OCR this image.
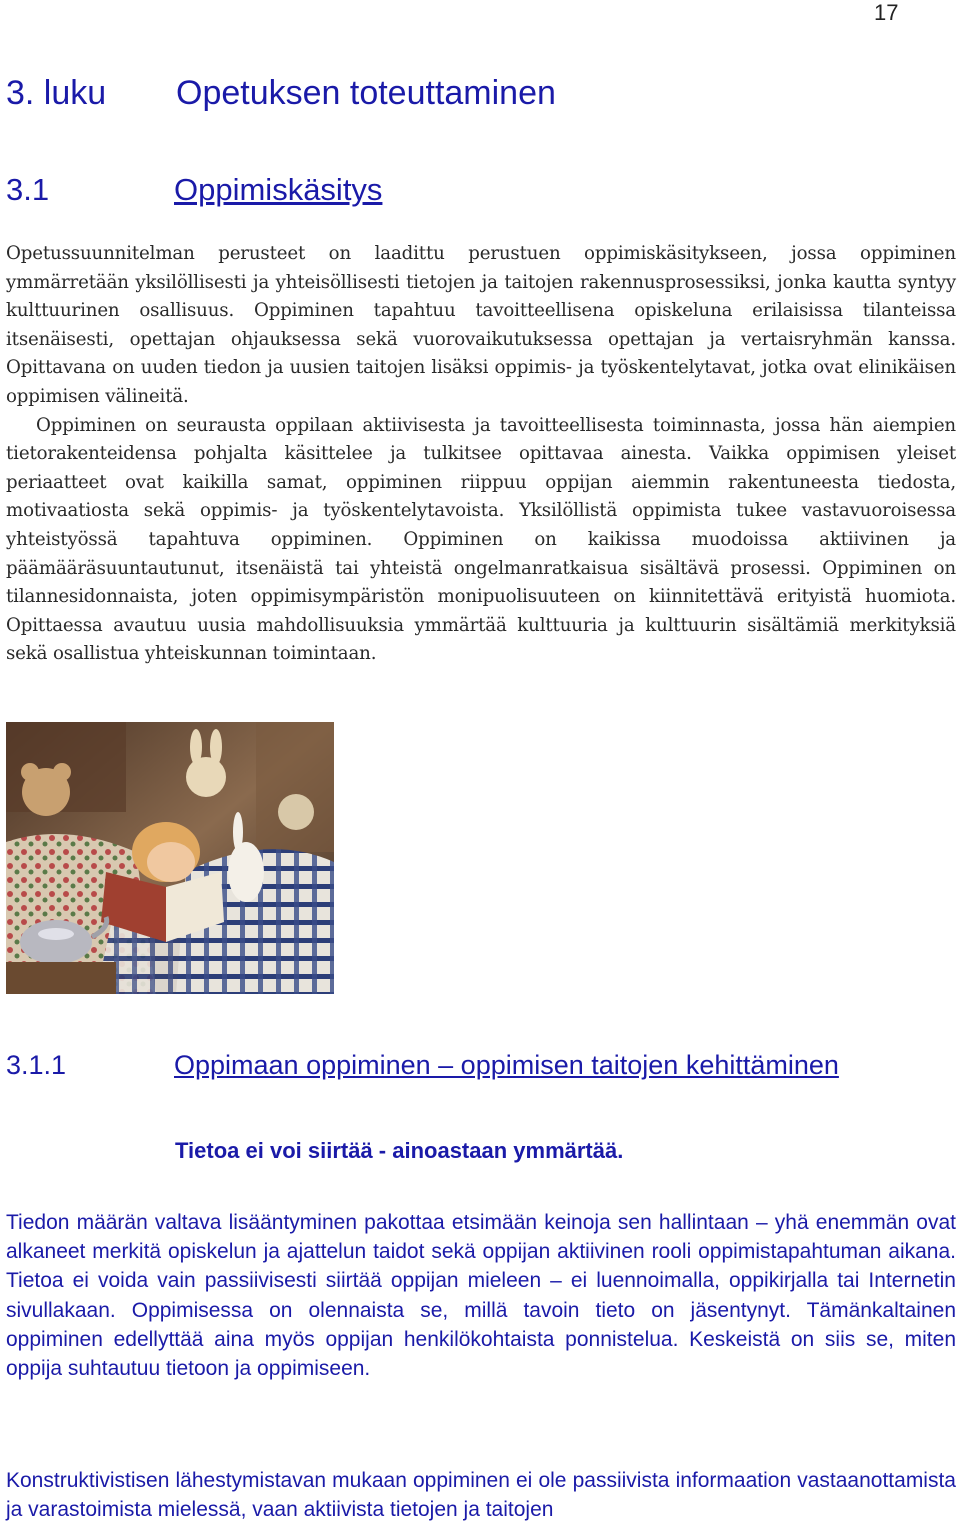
17
3. luku Opetuksen toteuttaminen
3.1	Oppimiskäsitys

Opetussuunnitelman perusteet on laadittu perustuen oppimiskäsitykseen, jossa oppiminen ymmärretään yksilöllisesti ja yhteisöllisesti tietojen ja taitojen rakennusprosessiksi, jonka kautta syntyy kulttuurinen osallisuus. Oppiminen tapahtuu tavoitteellisena opiskeluna erilaisissa tilanteissa itsenäisesti, opettajan ohjauksessa sekä vuorovaikutuksessa opettajan ja vertaisryhmän kanssa. Opittavana on uuden tiedon ja uusien taitojen lisäksi oppimis- ja työskentelytavat, jotka ovat elinikäisen oppimisen välineitä.

Oppiminen on seurausta oppilaan aktiivisesta ja tavoitteellisesta toiminnasta, jossa hän aiempien tietorakenteidensa pohjalta käsittelee ja tulkitsee opittavaa ainesta. Vaikka oppimisen yleiset periaatteet ovat kaikilla samat, oppiminen riippuu oppijan aiemmin rakentuneesta tiedosta, motivaatiosta sekä oppimis- ja työskentelytavoista. Yksilöllistä oppimista tukee vastavuoroisessa yhteistyössä tapahtuva oppiminen. Oppiminen on kaikissa muodoissa aktiivinen ja päämääräsuuntautunut, itsenäistä tai yhteistä ongelmanratkaisua sisältävä prosessi. Oppiminen on tilannesidonnaista, joten oppimisympäristön monipuolisuuteen on kiinnitettävä erityistä huomiota. Opittaessa avautuu uusia mahdollisuuksia ymmärtää kulttuuria ja kulttuurin sisältämiä merkityksiä sekä osallistua yhteiskunnan toimintaan.

3.1.1	Oppimaan oppiminen – oppimisen taitojen kehittäminen
Tietoa ei voi siirtää - ainoastaan ymmärtää.

Tiedon määrän valtava lisääntyminen pakottaa etsimään keinoja sen hallintaan – yhä enemmän ovat alkaneet merkitä opiskelun ja ajattelun taidot sekä oppijan aktiivinen rooli oppimistapahtuman aikana. Tietoa ei voida vain passiivisesti siirtää oppijan mieleen – ei luennoimalla, oppikirjalla tai Internetin sivullakaan. Oppimisessa on olennaista se, millä tavoin tieto on jäsentynyt. Tämänkaltainen oppiminen edellyttää aina myös oppijan henkilökohtaista ponnistelua. Keskeistä on siis se, miten oppija suhtautuu tietoon ja oppimiseen.

Konstruktivistisen lähestymistavan mukaan oppiminen ei ole passiivista informaation vastaanottamista ja varastoimista mielessä, vaan aktiivista tietojen ja taitojen
